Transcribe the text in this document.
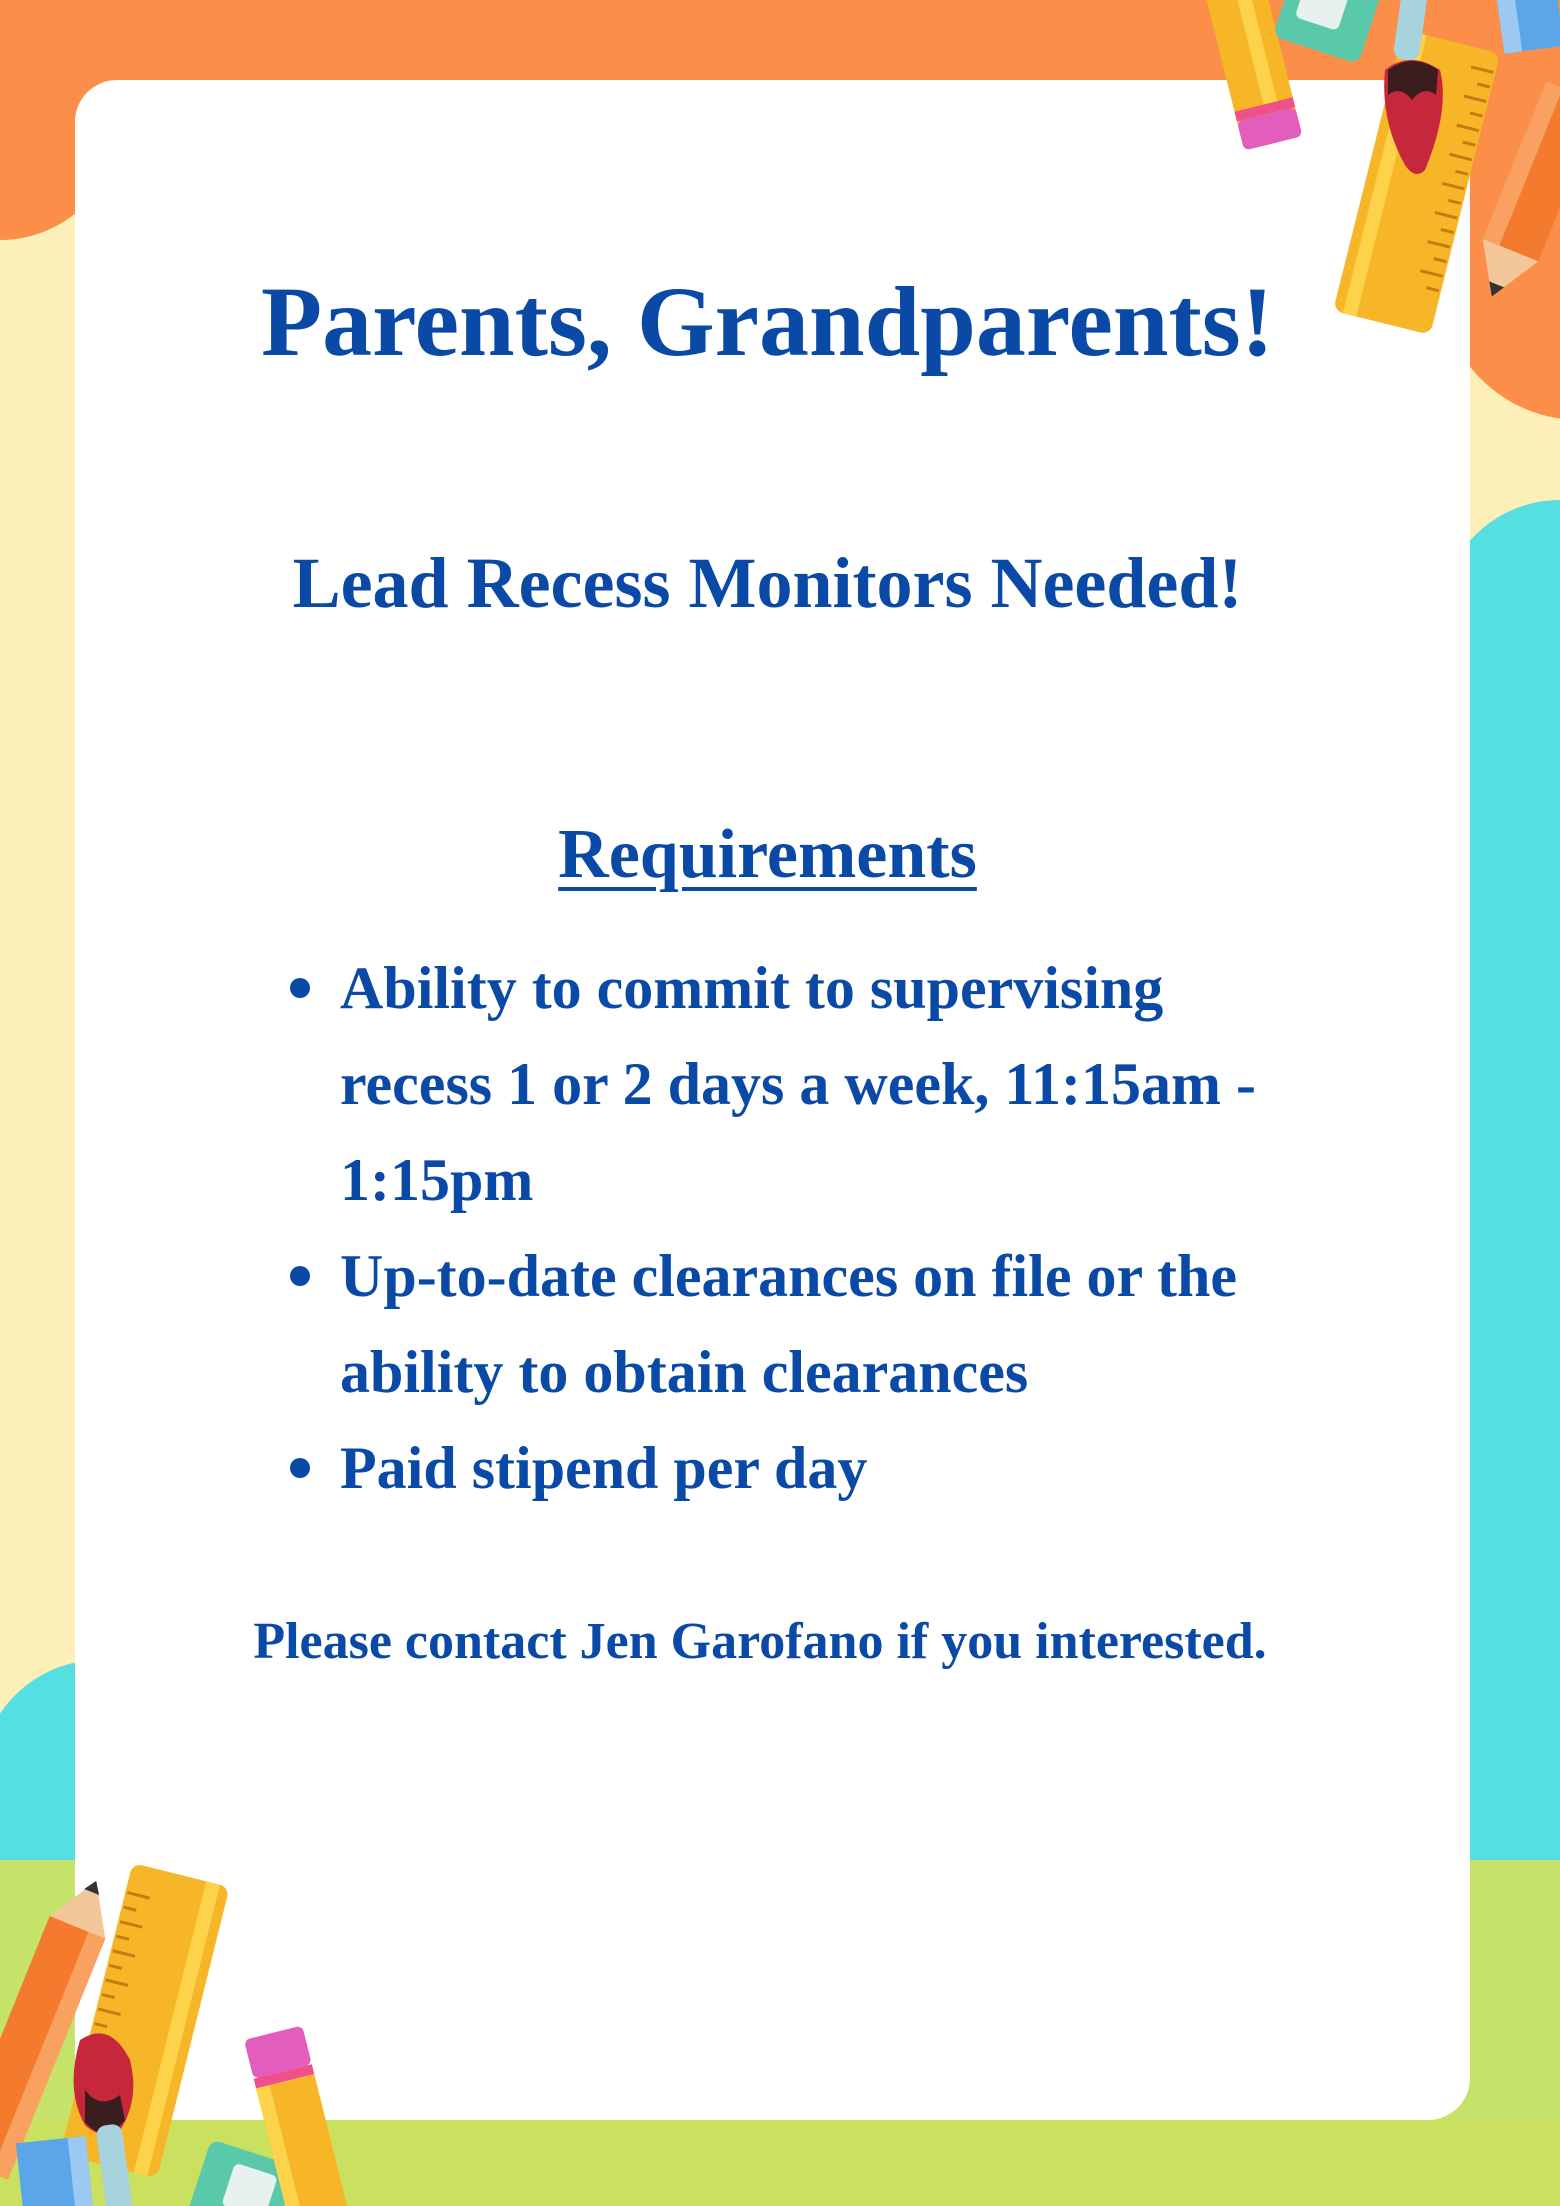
Parents, Grandparents!
Lead Recess Monitors Needed!
Requirements
Ability to commit to supervising recess 1 or 2 days a week, 11:15am - 1:15pm
Up-to-date clearances on file or the ability to obtain clearances
Paid stipend per day
Please contact Jen Garofano if you interested.
